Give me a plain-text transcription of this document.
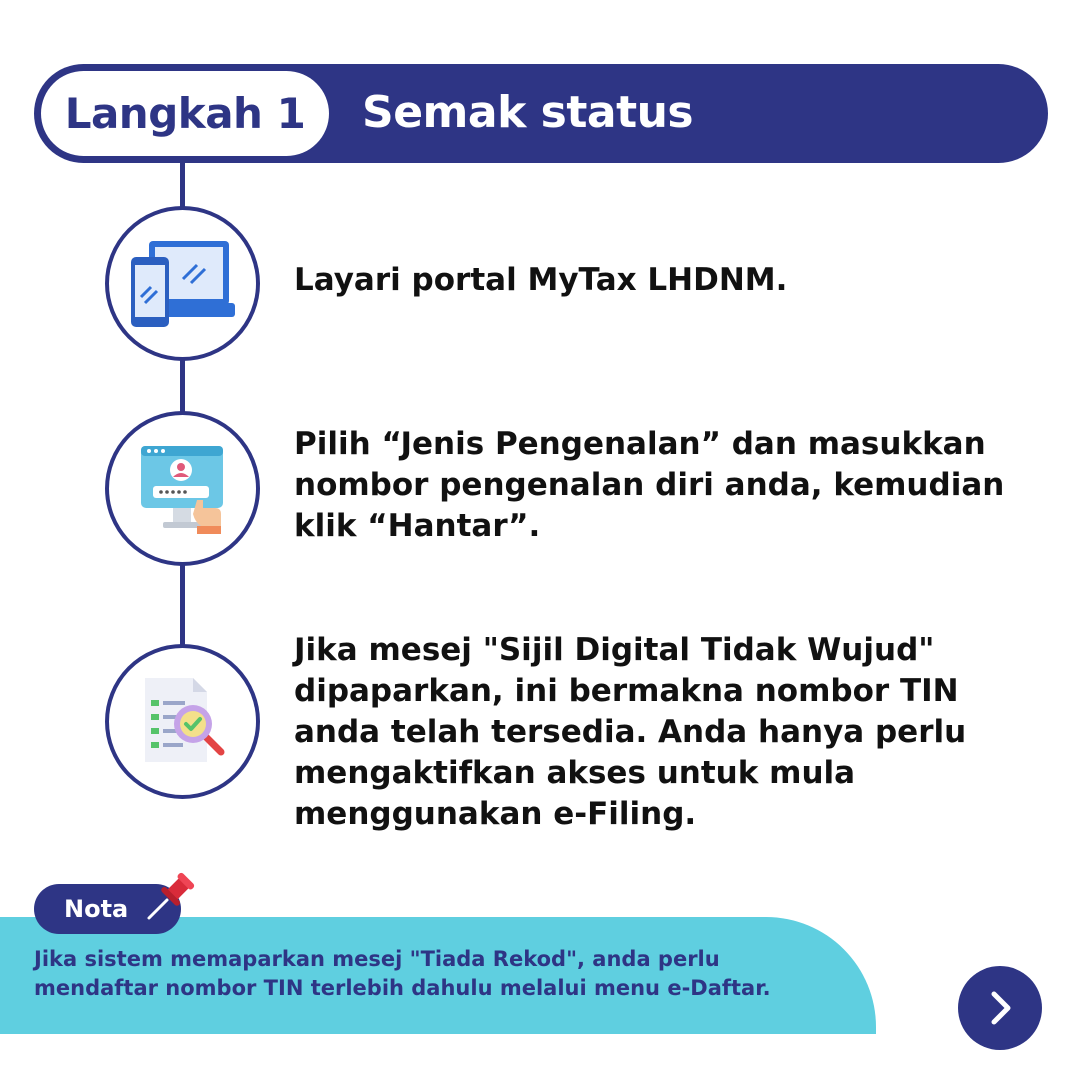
Langkah 1	Semak status
Layari portal MyTax LHDNM.
Pilih “Jenis Pengenalan” dan masukkan nombor pengenalan diri anda, kemudian klik “Hantar”.
Jika mesej "Sijil Digital Tidak Wujud" dipaparkan, ini bermakna nombor TIN anda telah tersedia. Anda hanya perlu mengaktifkan akses untuk mula menggunakan e-Filing.
Nota
Jika sistem memaparkan mesej "Tiada Rekod", anda perlu mendaftar nombor TIN terlebih dahulu melalui menu e-Daftar.
